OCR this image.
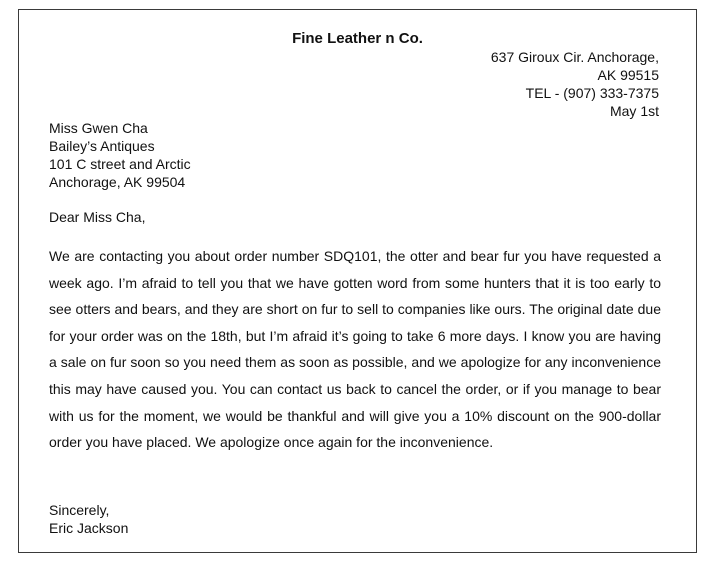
Fine Leather n Co.
637 Giroux Cir. Anchorage,
AK 99515
TEL - (907) 333-7375
May 1st
Miss Gwen Cha
Bailey’s Antiques
101 C street and Arctic
Anchorage, AK 99504
Dear Miss Cha,

We are contacting you about order number SDQ101, the otter and bear fur you have requested a week ago. I’m afraid to tell you that we have gotten word from some hunters that it is too early to see otters and bears, and they are short on fur to sell to companies like ours. The original date due for your order was on the 18th, but I’m afraid it’s going to take 6 more days. I know you are having a sale on fur soon so you need them as soon as possible, and we apologize for any inconvenience this may have caused you. You can contact us back to cancel the order, or if you manage to bear with us for the moment, we would be thankful and will give you a 10% discount on the 900-dollar order you have placed. We apologize once again for the inconvenience.

Sincerely,
Eric Jackson
